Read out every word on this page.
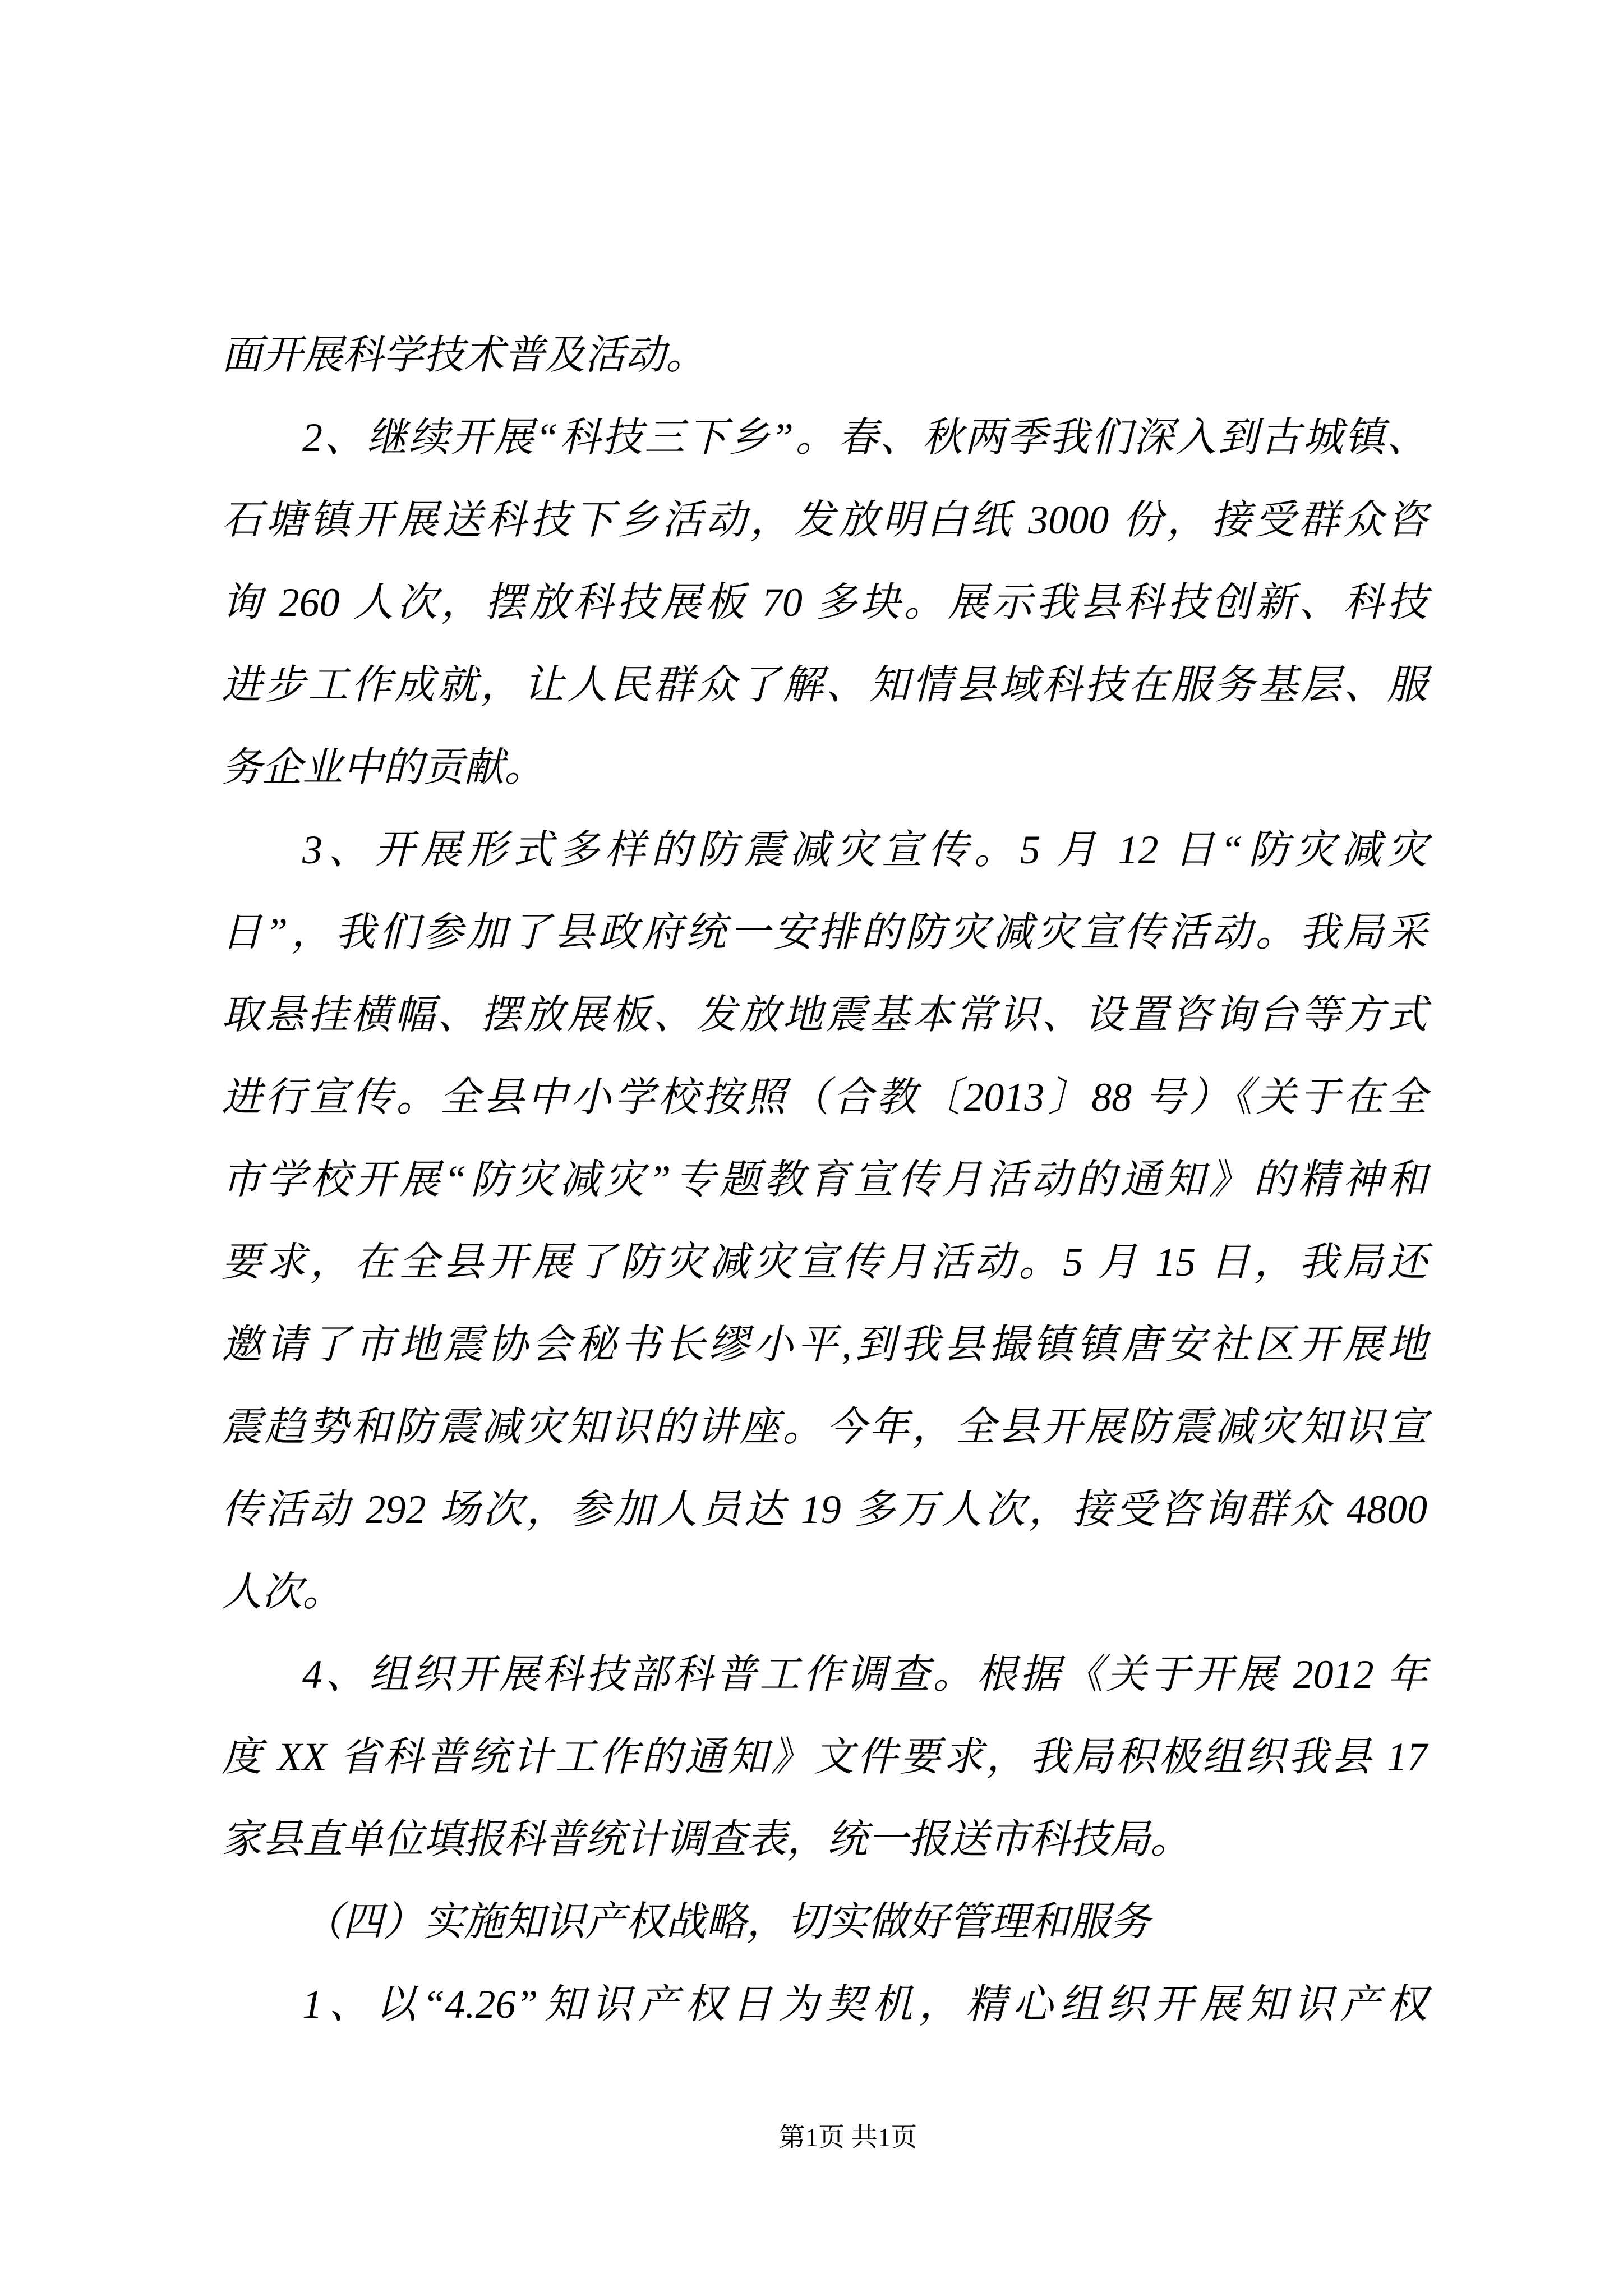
面开展科学技术普及活动。
2、继续开展“科技三下乡”。春、秋两季我们深入到古城镇、
石塘镇开展送科技下乡活动，发放明白纸 3000 份，接受群众咨
询 260 人次，摆放科技展板 70 多块。展示我县科技创新、科技
进步工作成就，让人民群众了解、知情县域科技在服务基层、服
务企业中的贡献。
3、开展形式多样的防震减灾宣传。5 月 12 日“防灾减灾
日”，我们参加了县政府统一安排的防灾减灾宣传活动。我局采
取悬挂横幅、摆放展板、发放地震基本常识、设置咨询台等方式
进行宣传。全县中小学校按照（合教〔2013〕88 号）《关于在全
市学校开展“防灾减灾”专题教育宣传月活动的通知》的精神和
要求，在全县开展了防灾减灾宣传月活动。5 月 15 日，我局还
邀请了市地震协会秘书长缪小平,到我县撮镇镇唐安社区开展地
震趋势和防震减灾知识的讲座。今年，全县开展防震减灾知识宣
传活动 292 场次，参加人员达 19 多万人次，接受咨询群众 4800
人次。
4、组织开展科技部科普工作调查。根据《关于开展 2012 年
度 XX 省科普统计工作的通知》文件要求，我局积极组织我县 17
家县直单位填报科普统计调查表，统一报送市科技局。
（四）实施知识产权战略，切实做好管理和服务
1、以“4.26”知识产权日为契机，精心组织开展知识产权
第1页 共1页
